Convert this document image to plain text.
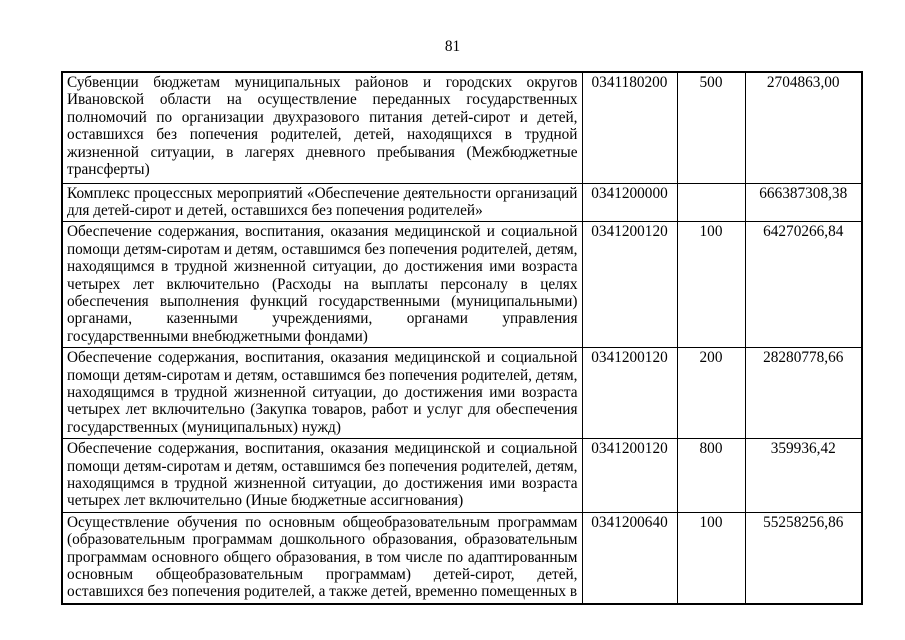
81
Субвенции бюджетам муниципальных районов и городских округов Ивановской области на осуществление переданных государственных полномочий по организации двухразового питания детей-сирот и детей, оставшихся без попечения родителей, детей, находящихся в трудной жизненной ситуации, в лагерях дневного пребывания (Межбюджетные трансферты)	0341180200	500	2704863,00
Комплекс процессных мероприятий «Обеспечение деятельности организаций для детей-сирот и детей, оставшихся без попечения родителей»	0341200000		666387308,38
Обеспечение содержания, воспитания, оказания медицинской и социальной помощи детям-сиротам и детям, оставшимся без попечения родителей, детям, находящимся в трудной жизненной ситуации, до достижения ими возраста четырех лет включительно (Расходы на выплаты персоналу в целях обеспечения выполнения функций государственными (муниципальными) органами, казенными учреждениями, органами управления государственными внебюджетными фондами)	0341200120	100	64270266,84
Обеспечение содержания, воспитания, оказания медицинской и социальной помощи детям-сиротам и детям, оставшимся без попечения родителей, детям, находящимся в трудной жизненной ситуации, до достижения ими возраста четырех лет включительно (Закупка товаров, работ и услуг для обеспечения государственных (муниципальных) нужд)	0341200120	200	28280778,66
Обеспечение содержания, воспитания, оказания медицинской и социальной помощи детям-сиротам и детям, оставшимся без попечения родителей, детям, находящимся в трудной жизненной ситуации, до достижения ими возраста четырех лет включительно (Иные бюджетные ассигнования)	0341200120	800	359936,42
Осуществление обучения по основным общеобразовательным программам (образовательным программам дошкольного образования, образовательным программам основного общего образования, в том числе по адаптированным основным общеобразовательным программам) детей-сирот, детей, оставшихся без попечения родителей, а также детей, временно помещенных в	0341200640	100	55258256,86
